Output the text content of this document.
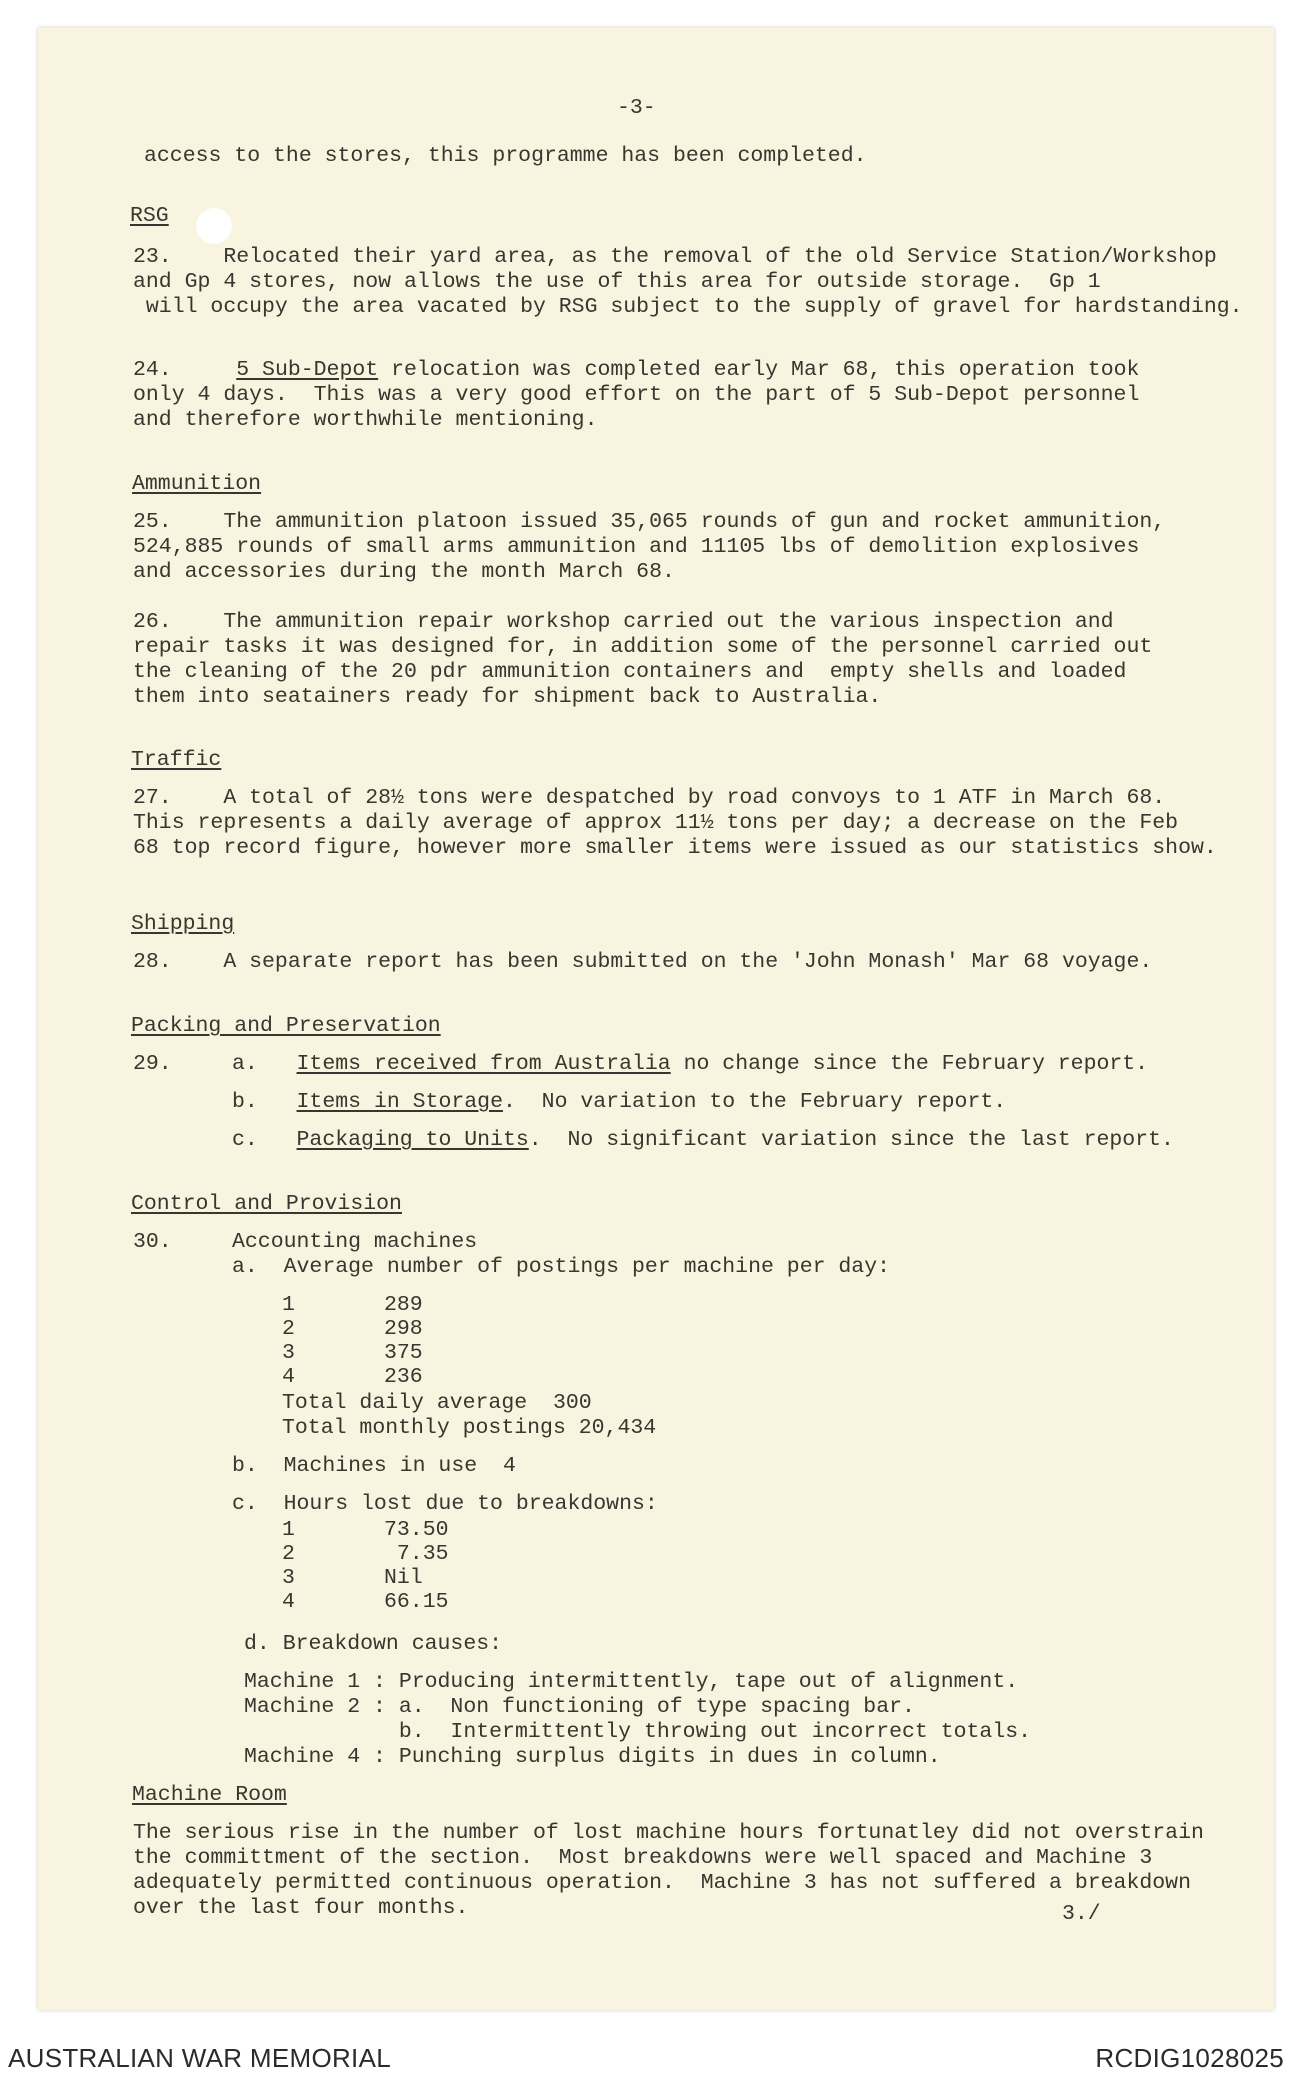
-3-
access to the stores, this programme has been completed.
RSG
23.    Relocated their yard area, as the removal of the old Service Station/Workshop
and Gp 4 stores, now allows the use of this area for outside storage.  Gp 1
will occupy the area vacated by RSG subject to the supply of gravel for hardstanding.
24.	5 Sub-Depot relocation was completed early Mar 68, this operation took
only 4 days.  This was a very good effort on the part of 5 Sub-Depot personnel
and therefore worthwhile mentioning.
Ammunition
25.    The ammunition platoon issued 35,065 rounds of gun and rocket ammunition,
524,885 rounds of small arms ammunition and 11105 lbs of demolition explosives
and accessories during the month March 68.
26.    The ammunition repair workshop carried out the various inspection and
repair tasks it was designed for, in addition some of the personnel carried out
the cleaning of the 20 pdr ammunition containers and  empty shells and loaded
them into seatainers ready for shipment back to Australia.
Traffic
27.    A total of 28½ tons were despatched by road convoys to 1 ATF in March 68.
This represents a daily average of approx 11½ tons per day; a decrease on the Feb
68 top record figure, however more smaller items were issued as our statistics show.
Shipping
28.    A separate report has been submitted on the 'John Monash' Mar 68 voyage.
Packing and Preservation
29.	a. Items received from Australia no change since the February report.
b. Items in Storage.  No variation to the February report.
c. Packaging to Units.  No significant variation since the last report.
Control and Provision
30.	Accounting machines
a.  Average number of postings per machine per day:
1	289
2	298
3	375
4	236
Total daily average  300
Total monthly postings 20,434
b.  Machines in use  4
c.  Hours lost due to breakdowns:
1	73.50
2	7.35
3	Nil
4	66.15
d. Breakdown causes:
Machine 1 : Producing intermittently, tape out of alignment.
Machine 2 : a.  Non functioning of type spacing bar.
b.  Intermittently throwing out incorrect totals.
Machine 4 : Punching surplus digits in dues in column.
Machine Room
The serious rise in the number of lost machine hours fortunatley did not overstrain
the committment of the section.  Most breakdowns were well spaced and Machine 3
adequately permitted continuous operation.  Machine 3 has not suffered a breakdown
over the last four months.	3./
AUSTRALIAN WAR MEMORIAL	RCDIG1028025
